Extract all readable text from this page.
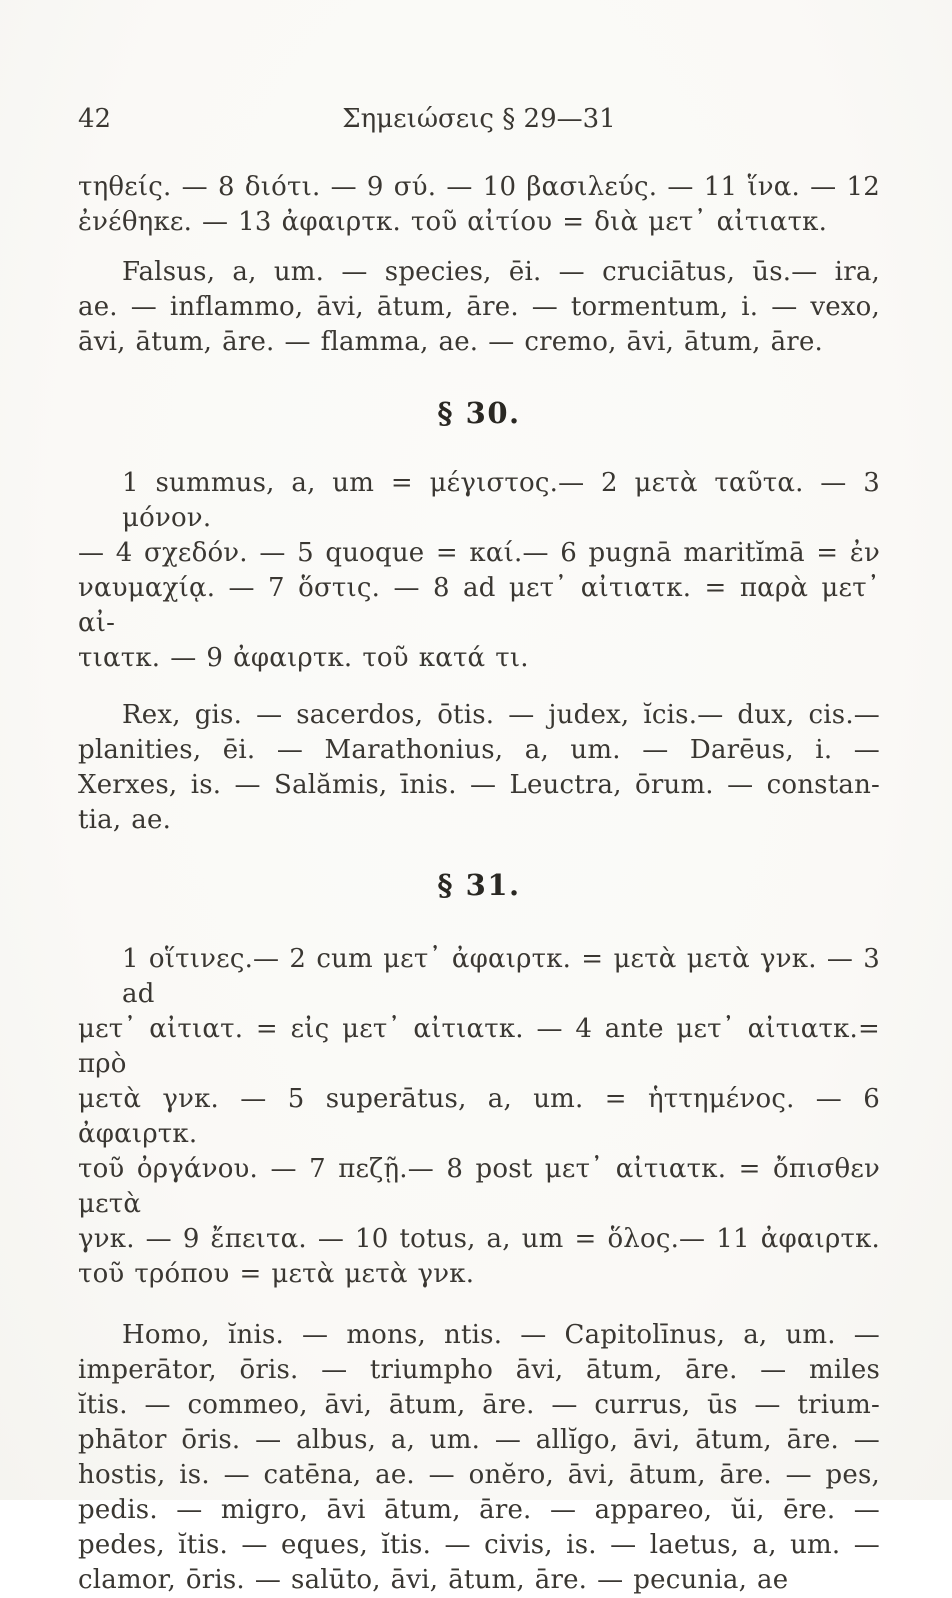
42	Σημειώσεις § 29—31
τηθείς. — 8 διότι. — 9 σύ. — 10 βασιλεύς. — 11 ἵνα. — 12
ἐνέθηκε. — 13 ἀφαιρτκ. τοῦ αἰτίου = διὰ μετ᾽ αἰτιατκ.
Falsus, a, um. — species, ēi. — cruciātus, ūs.— ira,
ae. — inflammo, āvi, ātum, āre. — tormentum, i. — vexo,
āvi, ātum, āre. — flamma, ae. — cremo, āvi, ātum, āre.
§ 30.
1 summus, a, um = μέγιστος.— 2 μετὰ ταῦτα. — 3 μόνον.
— 4 σχεδόν. — 5 quoque = καί.— 6 pugnā maritĭmā = ἐν
ναυμαχίᾳ. — 7 ὅστις. — 8 ad μετ᾽ αἰτιατκ. = παρὰ μετ᾽ αἰ-
τιατκ. — 9 ἀφαιρτκ. τοῦ κατά τι.
Rex, gis. — sacerdos, ōtis. — judex, ĭcis.— dux, cis.—
planities, ēi. — Marathonius, a, um. — Darēus, i. —
Xerxes, is. — Salămis, īnis. — Leuctra, ōrum. — constan-
tia, ae.
§ 31.
1 οἵτινες.— 2 cum μετ᾽ ἀφαιρτκ. = μετὰ μετὰ γνκ. — 3 ad
μετ᾽ αἰτιατ. = εἰς μετ᾽ αἰτιατκ. — 4 ante μετ᾽ αἰτιατκ.= πρὸ
μετὰ γνκ. — 5 superātus, a, um. = ἡττημένος. — 6 ἀφαιρτκ.
τοῦ ὀργάνου. — 7 πεζῇ.— 8 post μετ᾽ αἰτιατκ. = ὄπισθεν μετὰ
γνκ. — 9 ἔπειτα. — 10 totus, a, um = ὅλος.— 11 ἀφαιρτκ.
τοῦ τρόπου = μετὰ μετὰ γνκ.
Homo, ĭnis. — mons, ntis. — Capitolīnus, a, um. —
imperātor, ōris. — triumpho āvi, ātum, āre. — miles
ĭtis. — commeo, āvi, ātum, āre. — currus, ūs — trium-
phātor ōris. — albus, a, um. — allĭgo, āvi, ātum, āre. —
hostis, is. — catēna, ae. — onĕro, āvi, ātum, āre. — pes,
pedis. — migro, āvi ātum, āre. — appareo, ŭi, ēre. —
pedes, ĭtis. — eques, ĭtis. — civis, is. — laetus, a, um. —
clamor, ōris. — salūto, āvi, ātum, āre. — pecunia, ae
